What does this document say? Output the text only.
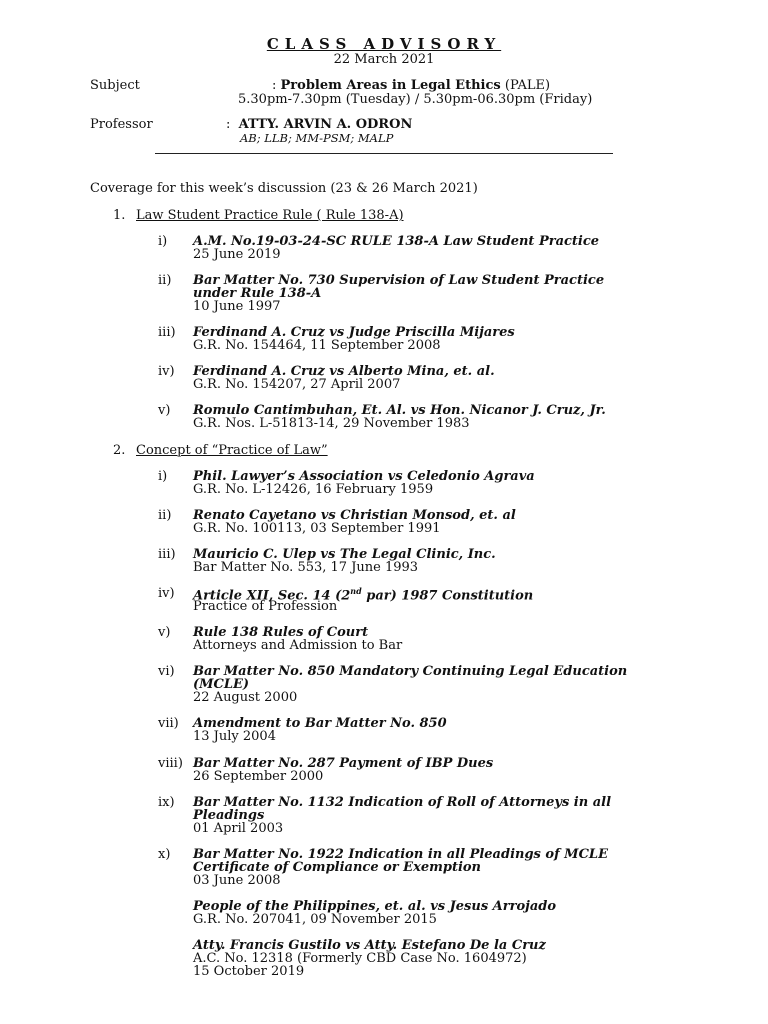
CLASS ADVISORY
22 March 2021
Subject	: Problem Areas in Legal Ethics (PALE)
5.30pm-7.30pm (Tuesday) / 5.30pm-06.30pm (Friday)
Professor	: ATTY. ARVIN A. ODRON
AB; LLB; MM-PSM; MALP
Coverage for this week’s discussion (23 & 26 March 2021)
1. Law Student Practice Rule ( Rule 138-A)
i) A.M. No.19-03-24-SC RULE 138-A Law Student Practice
25 June 2019
ii) Bar Matter No. 730 Supervision of Law Student Practice
under Rule 138-A
10 June 1997
iii) Ferdinand A. Cruz vs Judge Priscilla Mijares
G.R. No. 154464, 11 September 2008
iv) Ferdinand A. Cruz vs Alberto Mina, et. al.
G.R. No. 154207, 27 April 2007
v) Romulo Cantimbuhan, Et. Al. vs Hon. Nicanor J. Cruz, Jr.
G.R. Nos. L-51813-14, 29 November 1983
2. Concept of “Practice of Law”
i) Phil. Lawyer’s Association vs Celedonio Agrava
G.R. No. L-12426, 16 February 1959
ii) Renato Cayetano vs Christian Monsod, et. al
G.R. No. 100113, 03 September 1991
iii) Mauricio C. Ulep vs The Legal Clinic, Inc.
Bar Matter No. 553, 17 June 1993
iv) Article XII, Sec. 14 (2nd par) 1987 Constitution
Practice of Profession
v) Rule 138 Rules of Court
Attorneys and Admission to Bar
vi) Bar Matter No. 850 Mandatory Continuing Legal Education
(MCLE)
22 August 2000
vii) Amendment to Bar Matter No. 850
13 July 2004
viii) Bar Matter No. 287 Payment of IBP Dues
26 September 2000
ix) Bar Matter No. 1132 Indication of Roll of Attorneys in all
Pleadings
01 April 2003
x) Bar Matter No. 1922 Indication in all Pleadings of MCLE
Certificate of Compliance or Exemption
03 June 2008
People of the Philippines, et. al. vs Jesus Arrojado
G.R. No. 207041, 09 November 2015
Atty. Francis Gustilo vs Atty. Estefano De la Cruz
A.C. No. 12318 (Formerly CBD Case No. 1604972)
15 October 2019
